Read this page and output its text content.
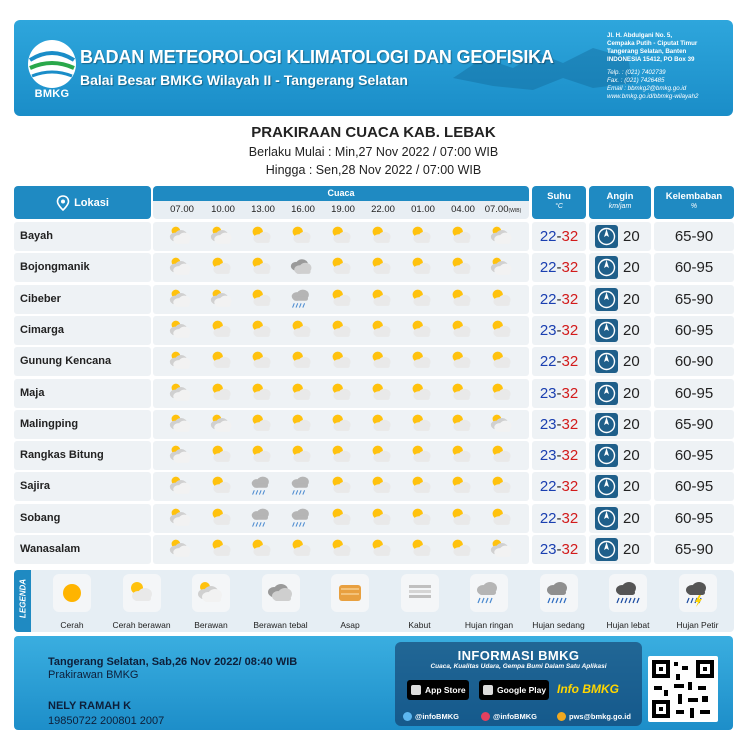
BMKG
BADAN METEOROLOGI KLIMATOLOGI DAN GEOFISIKA
Balai Besar BMKG Wilayah II - Tangerang Selatan
Jl. H. Abdulgani No. 5,
Cempaka Putih - Ciputat Timur
Tangerang Selatan, Banten
INDONESIA 15412, PO Box 39
Telp. : (021) 7402739
Fax. : (021) 7426485
Email : bbmkg2@bmkg.go.id
www.bmkg.go.id/bbmkg-wilayah2
PRAKIRAAN CUACA KAB. LEBAK
Berlaku Mulai : Min,27 Nov 2022 / 07:00 WIB
Hingga : Sen,28 Nov 2022 / 07:00 WIB
Lokasi
Cuaca
07.00	10.00	13.00	16.00	19.00	22.00	01.00	04.00	07.00(WIB)
Suhu
°C
Angin
km/jam
Kelembaban
%
Bayah	22-32	20	65-90
Bojongmanik	22-32	20	60-95
Cibeber	22-32	20	65-90
Cimarga	23-32	20	60-95
Gunung Kencana	22-32	20	60-90
Maja	23-32	20	60-95
Malingping	23-32	20	65-90
Rangkas Bitung	23-32	20	60-95
Sajira	22-32	20	60-95
Sobang	22-32	20	60-95
Wanasalam	23-32	20	65-90
LEGENDA
Cerah	Cerah berawan	Berawan	Berawan tebal	Asap	Kabut	Hujan ringan	Hujan sedang	Hujan lebat	Hujan Petir
Tangerang Selatan, Sab,26 Nov 2022/ 08:40 WIB
Prakirawan BMKG
NELY RAMAH K
19850722 200801 2007
INFORMASI BMKG
Cuaca, Kualitas Udara, Gempa Bumi Dalam Satu Aplikasi
App Store	Google Play Info BMKG
@infoBMKG	@infoBMKG	pws@bmkg.go.id
